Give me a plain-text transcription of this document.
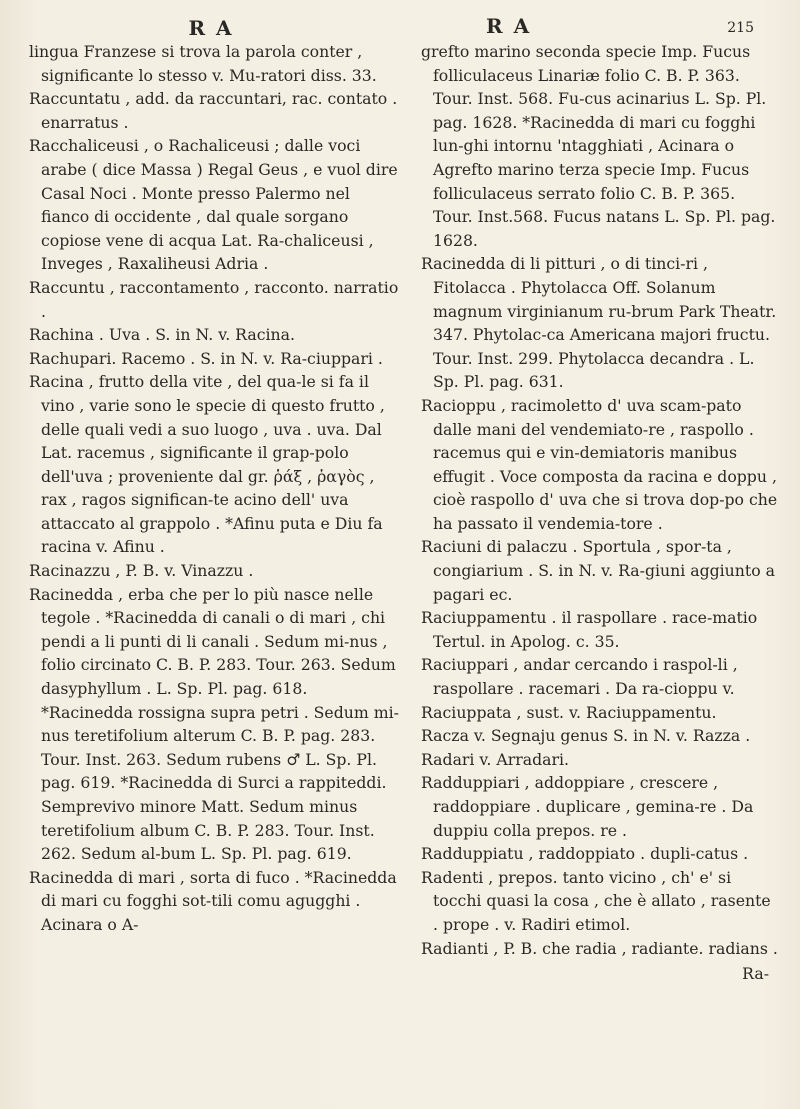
R A	R A	215

lingua Franzese si trova la parola conter , significante lo stesso v. Mu-ratori diss. 33.

Raccuntatu , add. da raccuntari, rac. contato . enarratus .

Racchaliceusi , o Rachaliceusi ; dalle voci arabe ( dice Massa ) Regal Geus , e vuol dire Casal Noci . Monte presso Palermo nel fianco di occidente , dal quale sorgano copiose vene di acqua Lat. Ra-chaliceusi , Inveges , Raxaliheusi Adria .

Raccuntu , raccontamento , racconto. narratio .

Rachina . Uva . S. in N. v. Racina.

Rachupari. Racemo . S. in N. v. Ra-ciuppari .

Racina , frutto della vite , del qua-le si fa il vino , varie sono le specie di questo frutto , delle quali vedi a suo luogo , uva . uva. Dal Lat. racemus , significante il grap-polo dell'uva ; proveniente dal gr. ῥάξ , ῥαγὸς , rax , ragos significan-te acino dell' uva attaccato al grappolo . *Afinu puta e Diu fa racina v. Afinu .

Racinazzu , P. B. v. Vinazzu .

Racinedda , erba che per lo più nasce nelle tegole . *Racinedda di canali o di mari , chi pendi a li punti di li canali . Sedum mi-nus , folio circinato C. B. P. 283. Tour. 263. Sedum dasyphyllum . L. Sp. Pl. pag. 618. *Racinedda rossigna supra petri . Sedum mi-nus teretifolium alterum C. B. P. pag. 283. Tour. Inst. 263. Sedum rubens ♂ L. Sp. Pl. pag. 619. *Racinedda di Surci a rappiteddi. Semprevivo minore Matt. Sedum minus teretifolium album C. B. P. 283. Tour. Inst. 262. Sedum al-bum L. Sp. Pl. pag. 619.

Racinedda di mari , sorta di fuco . *Racinedda di mari cu fogghi sot-tili comu agugghi . Acinara o A-

grefto marino seconda specie Imp. Fucus folliculaceus Linariæ folio C. B. P. 363. Tour. Inst. 568. Fu-cus acinarius L. Sp. Pl. pag. 1628. *Racinedda di mari cu fogghi lun-ghi intornu 'ntagghiati , Acinara o Agrefto marino terza specie Imp. Fucus folliculaceus serrato folio C. B. P. 365. Tour. Inst.568. Fucus natans L. Sp. Pl. pag. 1628.

Racinedda di li pitturi , o di tinci-ri , Fitolacca . Phytolacca Off. Solanum magnum virginianum ru-brum Park Theatr. 347. Phytolac-ca Americana majori fructu. Tour. Inst. 299. Phytolacca decandra . L. Sp. Pl. pag. 631.

Racioppu , racimoletto d' uva scam-pato dalle mani del vendemiato-re , raspollo . racemus qui e vin-demiatoris manibus effugit . Voce composta da racina e doppu , cioè raspollo d' uva che si trova dop-po che ha passato il vendemia-tore .

Raciuni di palaczu . Sportula , spor-ta , congiarium . S. in N. v. Ra-giuni aggiunto a pagari ec.

Raciuppamentu . il raspollare . race-matio Tertul. in Apolog. c. 35.

Raciuppari , andar cercando i raspol-li , raspollare . racemari . Da ra-cioppu v.

Raciuppata , sust. v. Raciuppamentu.

Racza v. Segnaju genus S. in N. v. Razza .

Radari v. Arradari.

Radduppiari , addoppiare , crescere , raddoppiare . duplicare , gemina-re . Da duppiu colla prepos. re .

Radduppiatu , raddoppiato . dupli-catus .

Radenti , prepos. tanto vicino , ch' e' si tocchi quasi la cosa , che è allato , rasente . prope . v. Radiri etimol.

Radianti , P. B. che radia , radiante. radians .

Ra-
